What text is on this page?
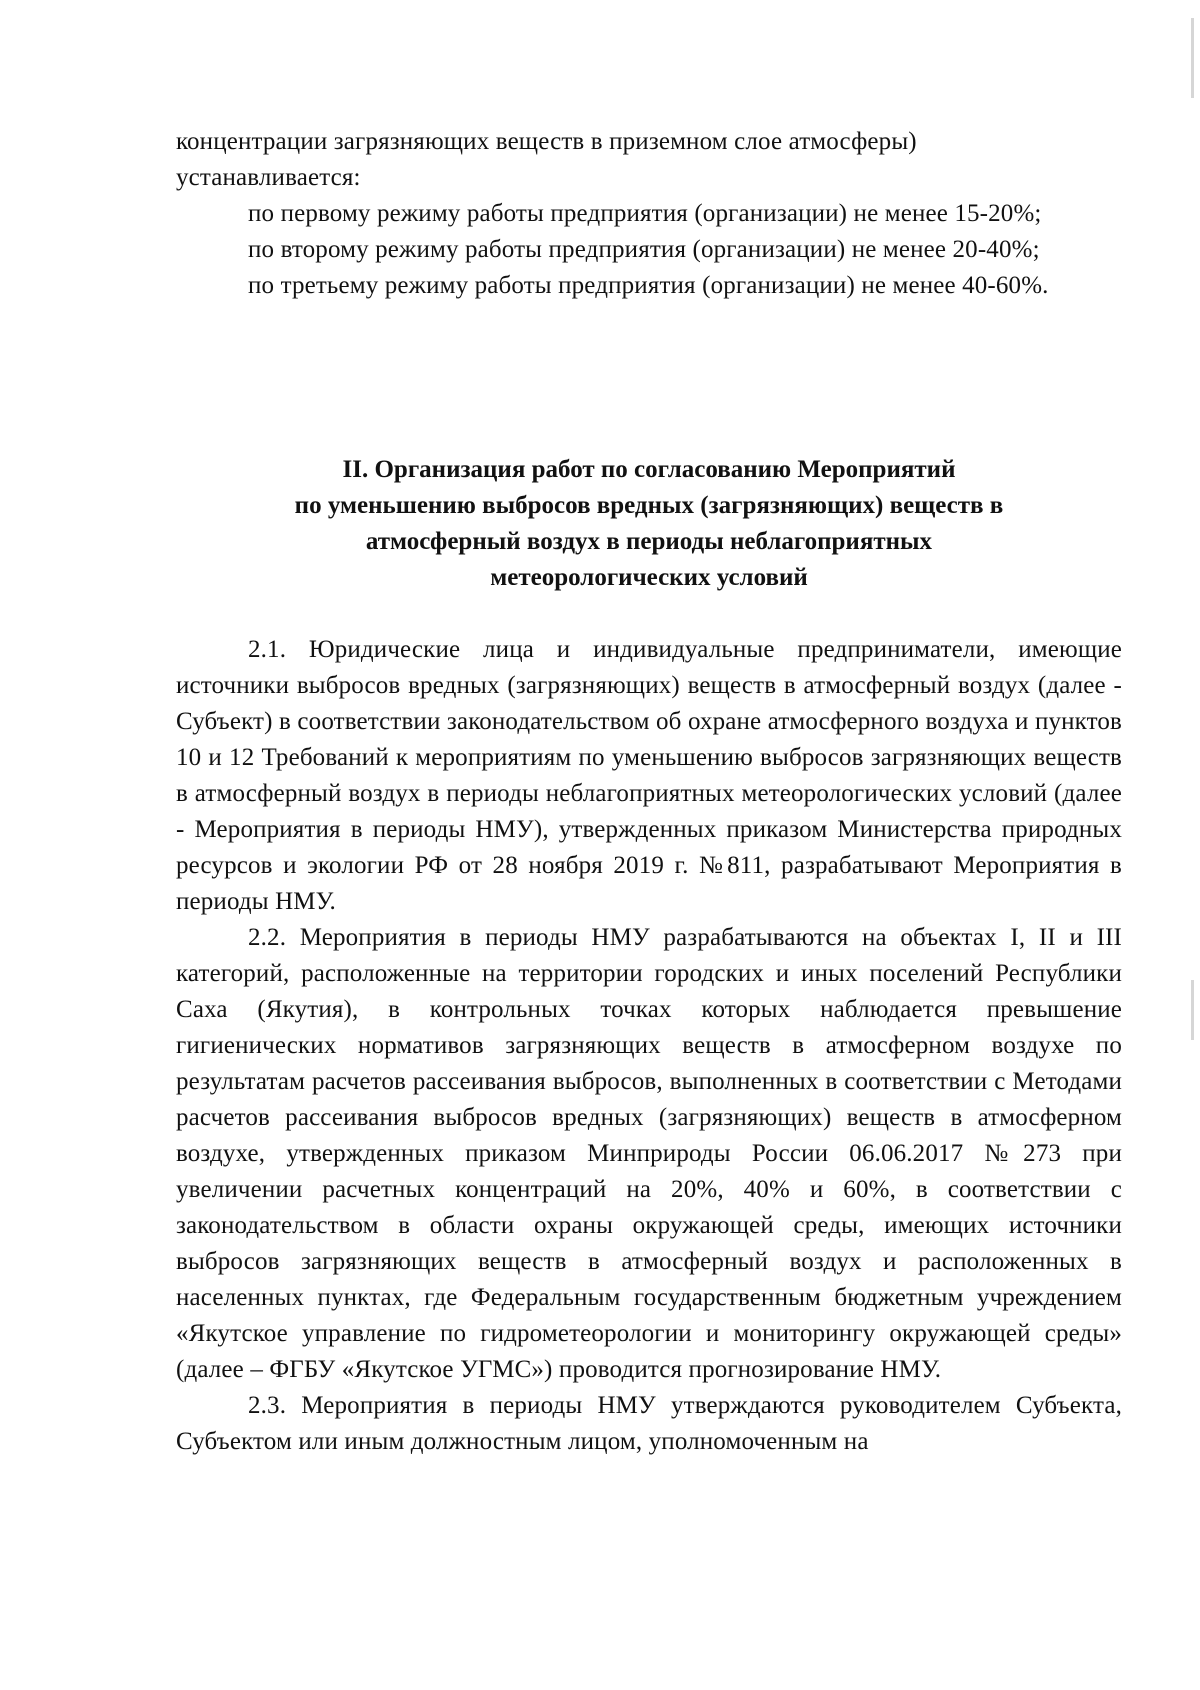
концентрации загрязняющих веществ в приземном слое атмосферы)
устанавливается:

по первому режиму работы предприятия (организации) не менее 15-20%;

по второму режиму работы предприятия (организации) не менее 20-40%;

по третьему режиму работы предприятия (организации) не менее 40-60%.

II. Организация работ по согласованию Мероприятий
по уменьшению выбросов вредных (загрязняющих) веществ в
атмосферный воздух в периоды неблагоприятных
метеорологических условий

2.1. Юридические лица и индивидуальные предприниматели, имеющие источники выбросов вредных (загрязняющих) веществ в атмосферный воздух (далее - Субъект) в соответствии законодательством об охране атмосферного воздуха и пунктов 10 и 12 Требований к мероприятиям по уменьшению выбросов загрязняющих веществ в атмосферный воздух в периоды неблагоприятных метеорологических условий (далее - Мероприятия в периоды НМУ), утвержденных приказом Министерства природных ресурсов и экологии РФ от 28 ноября 2019 г. №811, разрабатывают Мероприятия в периоды НМУ.

2.2. Мероприятия в периоды НМУ разрабатываются на объектах I, II и III категорий, расположенные на территории городских и иных поселений Республики Саха (Якутия), в контрольных точках которых наблюдается превышение гигиенических нормативов загрязняющих веществ в атмосферном воздухе по результатам расчетов рассеивания выбросов, выполненных в соответствии с Методами расчетов рассеивания выбросов вредных (загрязняющих) веществ в атмосферном воздухе, утвержденных приказом Минприроды России 06.06.2017 №273 при увеличении расчетных концентраций на 20%, 40% и 60%, в соответствии с законодательством в области охраны окружающей среды, имеющих источники выбросов загрязняющих веществ в атмосферный воздух и расположенных в населенных пунктах, где Федеральным государственным бюджетным учреждением «Якутское управление по гидрометеорологии и мониторингу окружающей среды» (далее – ФГБУ «Якутское УГМС») проводится прогнозирование НМУ.

2.3. Мероприятия в периоды НМУ утверждаются руководителем Субъекта, Субъектом или иным должностным лицом, уполномоченным на
